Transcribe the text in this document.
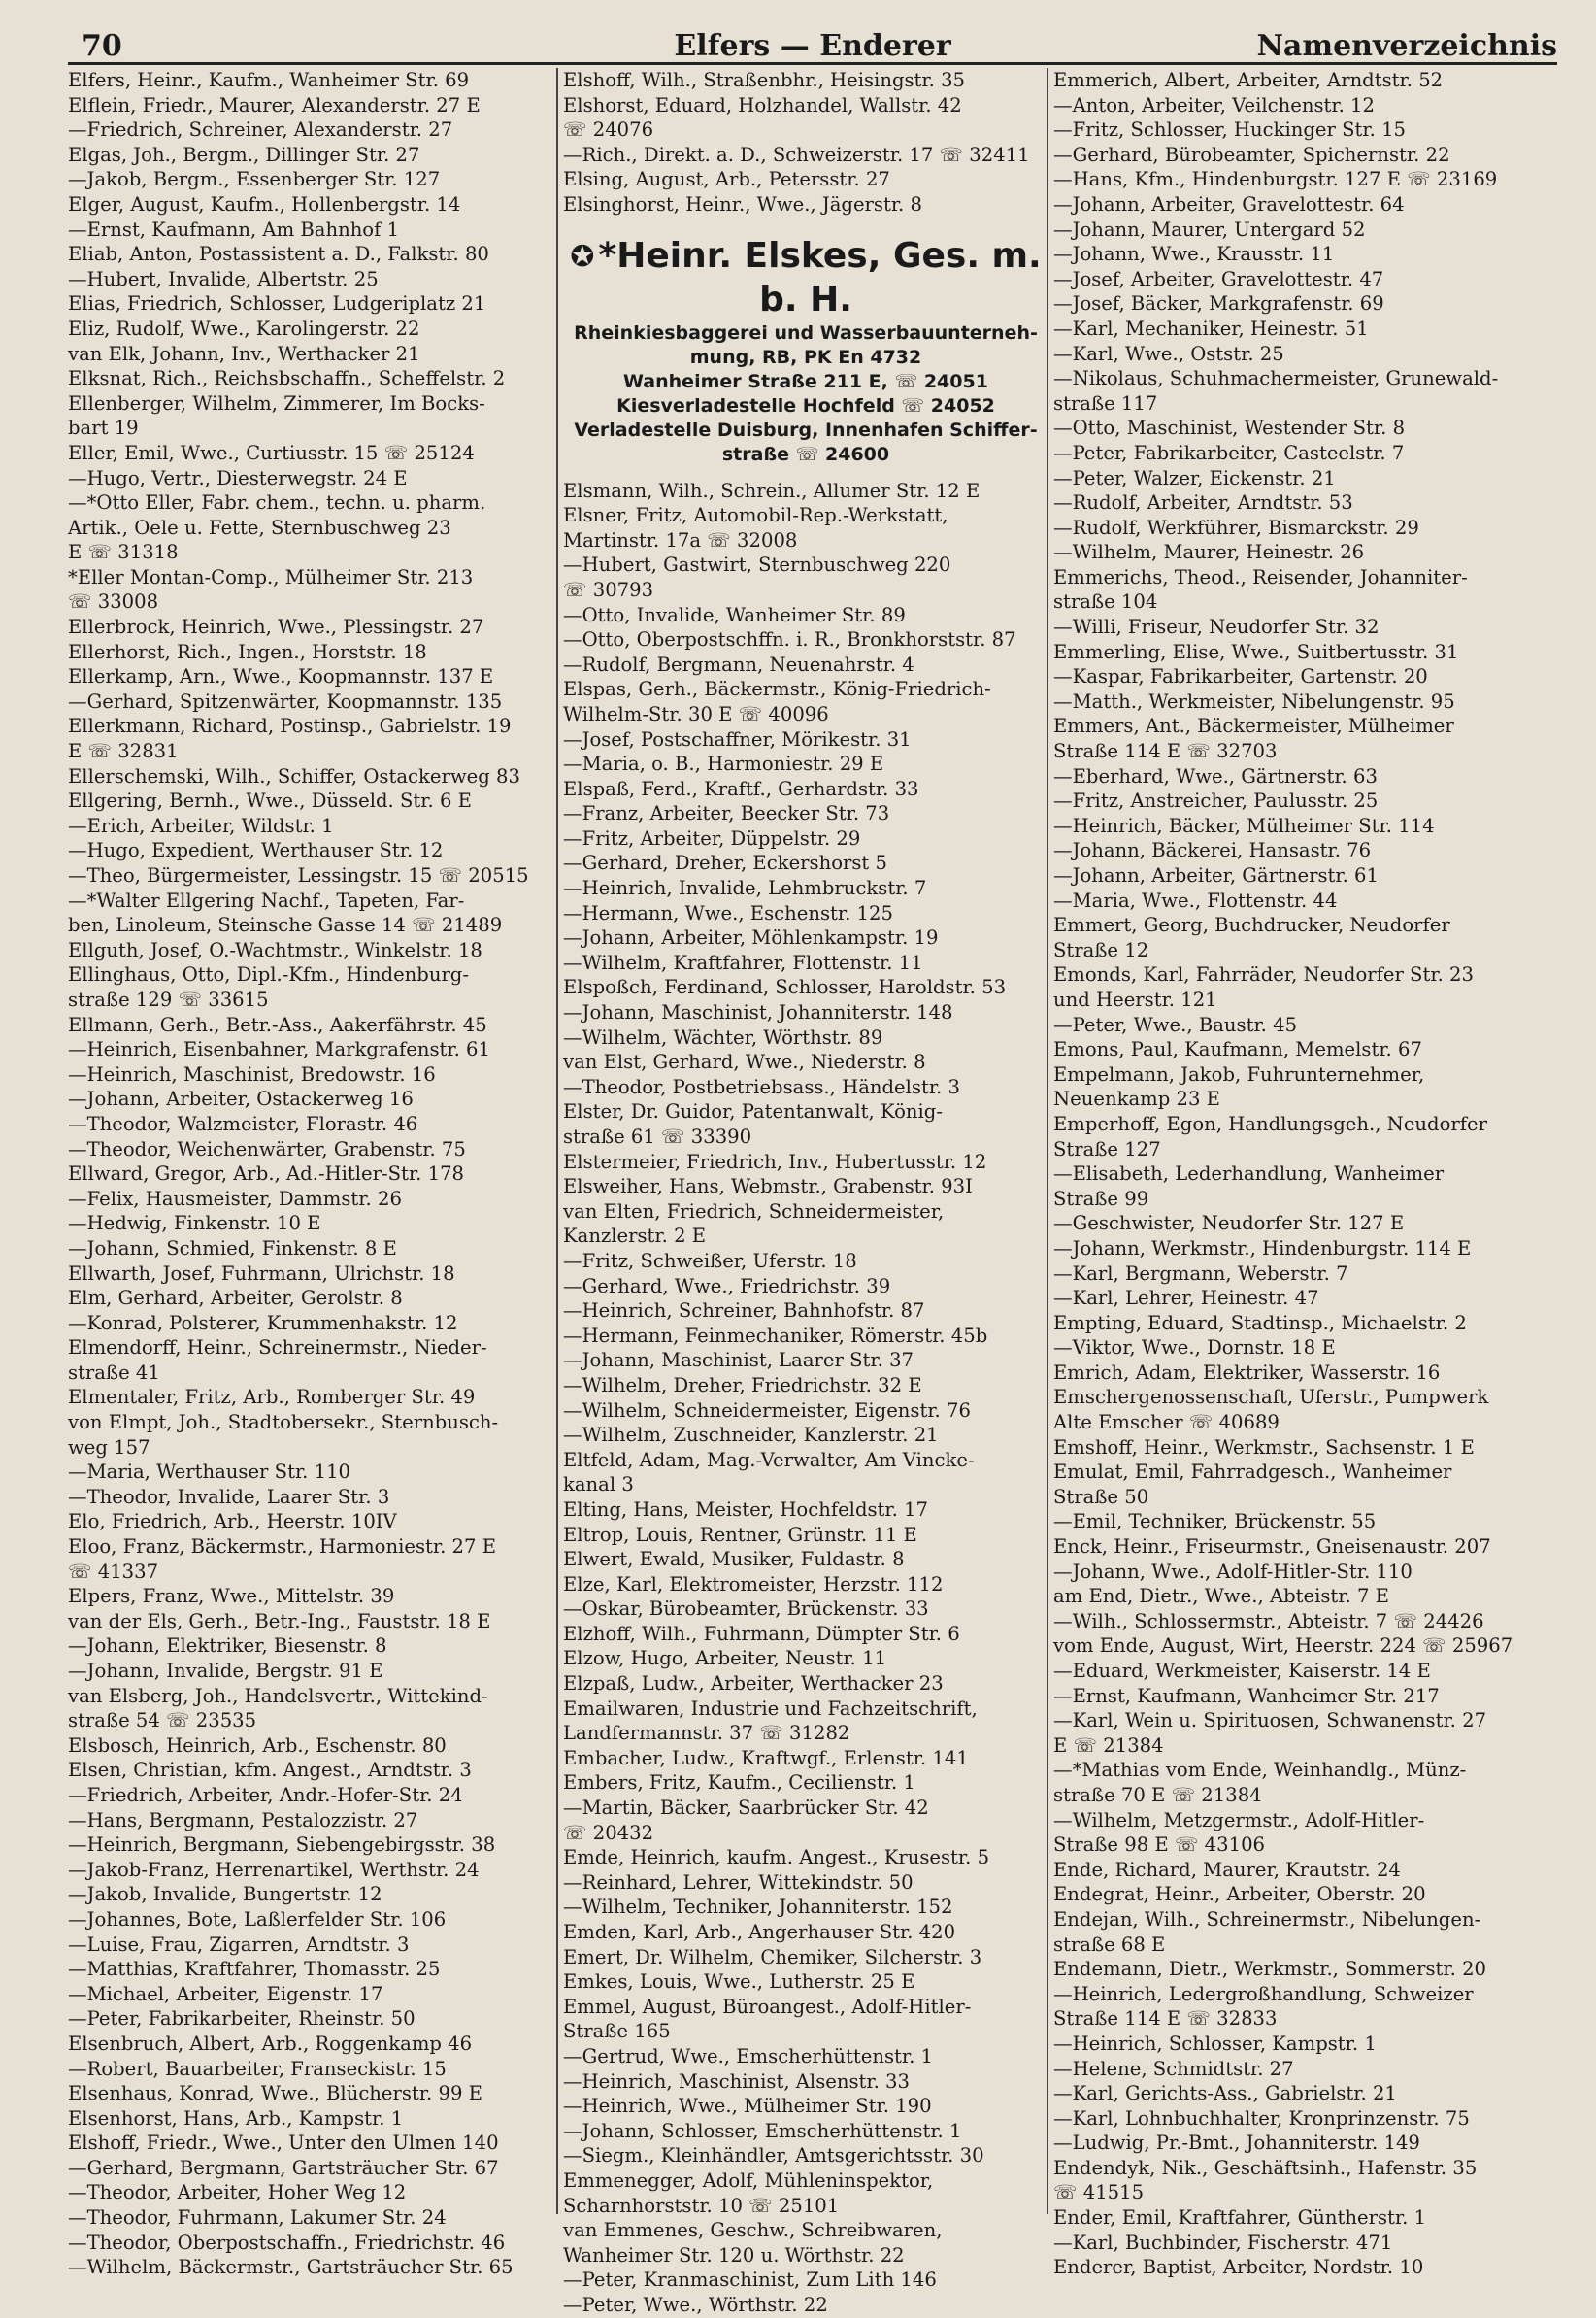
70	Elfers — Enderer	Namenverzeichnis
Elfers, Heinr., Kaufm., Wanheimer Str. 69
Elflein, Friedr., Maurer, Alexanderstr. 27 E
—Friedrich, Schreiner, Alexanderstr. 27
Elgas, Joh., Bergm., Dillinger Str. 27
—Jakob, Bergm., Essenberger Str. 127
Elger, August, Kaufm., Hollenbergstr. 14
—Ernst, Kaufmann, Am Bahnhof 1
Eliab, Anton, Postassistent a. D., Falkstr. 80
—Hubert, Invalide, Albertstr. 25
Elias, Friedrich, Schlosser, Ludgeriplatz 21
Eliz, Rudolf, Wwe., Karolingerstr. 22
van Elk, Johann, Inv., Werthacker 21
Elksnat, Rich., Reichsbschaffn., Scheffelstr. 2
Ellenberger, Wilhelm, Zimmerer, Im Bocks-
bart 19
Eller, Emil, Wwe., Curtiusstr. 15 ☏ 25124
—Hugo, Vertr., Diesterwegstr. 24 E
—*Otto Eller, Fabr. chem., techn. u. pharm.
Artik., Oele u. Fette, Sternbuschweg 23
E ☏ 31318
*Eller Montan-Comp., Mülheimer Str. 213
☏ 33008
Ellerbrock, Heinrich, Wwe., Plessingstr. 27
Ellerhorst, Rich., Ingen., Horststr. 18
Ellerkamp, Arn., Wwe., Koopmannstr. 137 E
—Gerhard, Spitzenwärter, Koopmannstr. 135
Ellerkmann, Richard, Postinsp., Gabrielstr. 19
E ☏ 32831
Ellerschemski, Wilh., Schiffer, Ostackerweg 83
Ellgering, Bernh., Wwe., Düsseld. Str. 6 E
—Erich, Arbeiter, Wildstr. 1
—Hugo, Expedient, Werthauser Str. 12
—Theo, Bürgermeister, Lessingstr. 15 ☏ 20515
—*Walter Ellgering Nachf., Tapeten, Far-
ben, Linoleum, Steinsche Gasse 14 ☏ 21489
Ellguth, Josef, O.-Wachtmstr., Winkelstr. 18
Ellinghaus, Otto, Dipl.-Kfm., Hindenburg-
straße 129 ☏ 33615
Ellmann, Gerh., Betr.-Ass., Aakerfährstr. 45
—Heinrich, Eisenbahner, Markgrafenstr. 61
—Heinrich, Maschinist, Bredowstr. 16
—Johann, Arbeiter, Ostackerweg 16
—Theodor, Walzmeister, Florastr. 46
—Theodor, Weichenwärter, Grabenstr. 75
Ellward, Gregor, Arb., Ad.-Hitler-Str. 178
—Felix, Hausmeister, Dammstr. 26
—Hedwig, Finkenstr. 10 E
—Johann, Schmied, Finkenstr. 8 E
Ellwarth, Josef, Fuhrmann, Ulrichstr. 18
Elm, Gerhard, Arbeiter, Gerolstr. 8
—Konrad, Polsterer, Krummenhakstr. 12
Elmendorff, Heinr., Schreinermstr., Nieder-
straße 41
Elmentaler, Fritz, Arb., Romberger Str. 49
von Elmpt, Joh., Stadtobersekr., Sternbusch-
weg 157
—Maria, Werthauser Str. 110
—Theodor, Invalide, Laarer Str. 3
Elo, Friedrich, Arb., Heerstr. 10IV
Eloo, Franz, Bäckermstr., Harmoniestr. 27 E
☏ 41337
Elpers, Franz, Wwe., Mittelstr. 39
van der Els, Gerh., Betr.-Ing., Fauststr. 18 E
—Johann, Elektriker, Biesenstr. 8
—Johann, Invalide, Bergstr. 91 E
van Elsberg, Joh., Handelsvertr., Wittekind-
straße 54 ☏ 23535
Elsbosch, Heinrich, Arb., Eschenstr. 80
Elsen, Christian, kfm. Angest., Arndtstr. 3
—Friedrich, Arbeiter, Andr.-Hofer-Str. 24
—Hans, Bergmann, Pestalozzistr. 27
—Heinrich, Bergmann, Siebengebirgsstr. 38
—Jakob-Franz, Herrenartikel, Werthstr. 24
—Jakob, Invalide, Bungertstr. 12
—Johannes, Bote, Laßlerfelder Str. 106
—Luise, Frau, Zigarren, Arndtstr. 3
—Matthias, Kraftfahrer, Thomasstr. 25
—Michael, Arbeiter, Eigenstr. 17
—Peter, Fabrikarbeiter, Rheinstr. 50
Elsenbruch, Albert, Arb., Roggenkamp 46
—Robert, Bauarbeiter, Franseckistr. 15
Elsenhaus, Konrad, Wwe., Blücherstr. 99 E
Elsenhorst, Hans, Arb., Kampstr. 1
Elshoff, Friedr., Wwe., Unter den Ulmen 140
—Gerhard, Bergmann, Gartsträucher Str. 67
—Theodor, Arbeiter, Hoher Weg 12
—Theodor, Fuhrmann, Lakumer Str. 24
—Theodor, Oberpostschaffn., Friedrichstr. 46
—Wilhelm, Bäckermstr., Gartsträucher Str. 65
Elshoff, Wilh., Straßenbhr., Heisingstr. 35
Elshorst, Eduard, Holzhandel, Wallstr. 42
☏ 24076
—Rich., Direkt. a. D., Schweizerstr. 17 ☏ 32411
Elsing, August, Arb., Petersstr. 27
Elsinghorst, Heinr., Wwe., Jägerstr. 8
✪ *Heinr. Elskes, Ges. m. b. H.
Rheinkiesbaggerei und Wasserbauunterneh-
mung, RB, PK En 4732
Wanheimer Straße 211 E, ☏ 24051
Kiesverladestelle Hochfeld ☏ 24052
Verladestelle Duisburg, Innenhafen Schiffer-
straße ☏ 24600
Elsmann, Wilh., Schrein., Allumer Str. 12 E
Elsner, Fritz, Automobil-Rep.-Werkstatt,
Martinstr. 17a ☏ 32008
—Hubert, Gastwirt, Sternbuschweg 220
☏ 30793
—Otto, Invalide, Wanheimer Str. 89
—Otto, Oberpostschffn. i. R., Bronkhorststr. 87
—Rudolf, Bergmann, Neuenahrstr. 4
Elspas, Gerh., Bäckermstr., König-Friedrich-
Wilhelm-Str. 30 E ☏ 40096
—Josef, Postschaffner, Mörikestr. 31
—Maria, o. B., Harmoniestr. 29 E
Elspaß, Ferd., Kraftf., Gerhardstr. 33
—Franz, Arbeiter, Beecker Str. 73
—Fritz, Arbeiter, Düppelstr. 29
—Gerhard, Dreher, Eckershorst 5
—Heinrich, Invalide, Lehmbruckstr. 7
—Hermann, Wwe., Eschenstr. 125
—Johann, Arbeiter, Möhlenkampstr. 19
—Wilhelm, Kraftfahrer, Flottenstr. 11
Elspoßch, Ferdinand, Schlosser, Haroldstr. 53
—Johann, Maschinist, Johanniterstr. 148
—Wilhelm, Wächter, Wörthstr. 89
van Elst, Gerhard, Wwe., Niederstr. 8
—Theodor, Postbetriebsass., Händelstr. 3
Elster, Dr. Guidor, Patentanwalt, König-
straße 61 ☏ 33390
Elstermeier, Friedrich, Inv., Hubertusstr. 12
Elsweiher, Hans, Webmstr., Grabenstr. 93I
van Elten, Friedrich, Schneidermeister,
Kanzlerstr. 2 E
—Fritz, Schweißer, Uferstr. 18
—Gerhard, Wwe., Friedrichstr. 39
—Heinrich, Schreiner, Bahnhofstr. 87
—Hermann, Feinmechaniker, Römerstr. 45b
—Johann, Maschinist, Laarer Str. 37
—Wilhelm, Dreher, Friedrichstr. 32 E
—Wilhelm, Schneidermeister, Eigenstr. 76
—Wilhelm, Zuschneider, Kanzlerstr. 21
Eltfeld, Adam, Mag.-Verwalter, Am Vincke-
kanal 3
Elting, Hans, Meister, Hochfeldstr. 17
Eltrop, Louis, Rentner, Grünstr. 11 E
Elwert, Ewald, Musiker, Fuldastr. 8
Elze, Karl, Elektromeister, Herzstr. 112
—Oskar, Bürobeamter, Brückenstr. 33
Elzhoff, Wilh., Fuhrmann, Dümpter Str. 6
Elzow, Hugo, Arbeiter, Neustr. 11
Elzpaß, Ludw., Arbeiter, Werthacker 23
Emailwaren, Industrie und Fachzeitschrift,
Landfermannstr. 37 ☏ 31282
Embacher, Ludw., Kraftwgf., Erlenstr. 141
Embers, Fritz, Kaufm., Cecilienstr. 1
—Martin, Bäcker, Saarbrücker Str. 42
☏ 20432
Emde, Heinrich, kaufm. Angest., Krusestr. 5
—Reinhard, Lehrer, Wittekindstr. 50
—Wilhelm, Techniker, Johanniterstr. 152
Emden, Karl, Arb., Angerhauser Str. 420
Emert, Dr. Wilhelm, Chemiker, Silcherstr. 3
Emkes, Louis, Wwe., Lutherstr. 25 E
Emmel, August, Büroangest., Adolf-Hitler-
Straße 165
—Gertrud, Wwe., Emscherhüttenstr. 1
—Heinrich, Maschinist, Alsenstr. 33
—Heinrich, Wwe., Mülheimer Str. 190
—Johann, Schlosser, Emscherhüttenstr. 1
—Siegm., Kleinhändler, Amtsgerichtsstr. 30
Emmenegger, Adolf, Mühleninspektor,
Scharnhorststr. 10 ☏ 25101
van Emmenes, Geschw., Schreibwaren,
Wanheimer Str. 120 u. Wörthstr. 22
—Peter, Kranmaschinist, Zum Lith 146
—Peter, Wwe., Wörthstr. 22
Emmerich, Albert, Arbeiter, Arndtstr. 52
—Anton, Arbeiter, Veilchenstr. 12
—Fritz, Schlosser, Huckinger Str. 15
—Gerhard, Bürobeamter, Spichernstr. 22
—Hans, Kfm., Hindenburgstr. 127 E ☏ 23169
—Johann, Arbeiter, Gravelottestr. 64
—Johann, Maurer, Untergard 52
—Johann, Wwe., Krausstr. 11
—Josef, Arbeiter, Gravelottestr. 47
—Josef, Bäcker, Markgrafenstr. 69
—Karl, Mechaniker, Heinestr. 51
—Karl, Wwe., Oststr. 25
—Nikolaus, Schuhmachermeister, Grunewald-
straße 117
—Otto, Maschinist, Westender Str. 8
—Peter, Fabrikarbeiter, Casteelstr. 7
—Peter, Walzer, Eickenstr. 21
—Rudolf, Arbeiter, Arndtstr. 53
—Rudolf, Werkführer, Bismarckstr. 29
—Wilhelm, Maurer, Heinestr. 26
Emmerichs, Theod., Reisender, Johanniter-
straße 104
—Willi, Friseur, Neudorfer Str. 32
Emmerling, Elise, Wwe., Suitbertusstr. 31
—Kaspar, Fabrikarbeiter, Gartenstr. 20
—Matth., Werkmeister, Nibelungenstr. 95
Emmers, Ant., Bäckermeister, Mülheimer
Straße 114 E ☏ 32703
—Eberhard, Wwe., Gärtnerstr. 63
—Fritz, Anstreicher, Paulusstr. 25
—Heinrich, Bäcker, Mülheimer Str. 114
—Johann, Bäckerei, Hansastr. 76
—Johann, Arbeiter, Gärtnerstr. 61
—Maria, Wwe., Flottenstr. 44
Emmert, Georg, Buchdrucker, Neudorfer
Straße 12
Emonds, Karl, Fahrräder, Neudorfer Str. 23
und Heerstr. 121
—Peter, Wwe., Baustr. 45
Emons, Paul, Kaufmann, Memelstr. 67
Empelmann, Jakob, Fuhrunternehmer,
Neuenkamp 23 E
Emperhoff, Egon, Handlungsgeh., Neudorfer
Straße 127
—Elisabeth, Lederhandlung, Wanheimer
Straße 99
—Geschwister, Neudorfer Str. 127 E
—Johann, Werkmstr., Hindenburgstr. 114 E
—Karl, Bergmann, Weberstr. 7
—Karl, Lehrer, Heinestr. 47
Empting, Eduard, Stadtinsp., Michaelstr. 2
—Viktor, Wwe., Dornstr. 18 E
Emrich, Adam, Elektriker, Wasserstr. 16
Emschergenossenschaft, Uferstr., Pumpwerk
Alte Emscher ☏ 40689
Emshoff, Heinr., Werkmstr., Sachsenstr. 1 E
Emulat, Emil, Fahrradgesch., Wanheimer
Straße 50
—Emil, Techniker, Brückenstr. 55
Enck, Heinr., Friseurmstr., Gneisenaustr. 207
—Johann, Wwe., Adolf-Hitler-Str. 110
am End, Dietr., Wwe., Abteistr. 7 E
—Wilh., Schlossermstr., Abteistr. 7 ☏ 24426
vom Ende, August, Wirt, Heerstr. 224 ☏ 25967
—Eduard, Werkmeister, Kaiserstr. 14 E
—Ernst, Kaufmann, Wanheimer Str. 217
—Karl, Wein u. Spirituosen, Schwanenstr. 27
E ☏ 21384
—*Mathias vom Ende, Weinhandlg., Münz-
straße 70 E ☏ 21384
—Wilhelm, Metzgermstr., Adolf-Hitler-
Straße 98 E ☏ 43106
Ende, Richard, Maurer, Krautstr. 24
Endegrat, Heinr., Arbeiter, Oberstr. 20
Endejan, Wilh., Schreinermstr., Nibelungen-
straße 68 E
Endemann, Dietr., Werkmstr., Sommerstr. 20
—Heinrich, Ledergroßhandlung, Schweizer
Straße 114 E ☏ 32833
—Heinrich, Schlosser, Kampstr. 1
—Helene, Schmidtstr. 27
—Karl, Gerichts-Ass., Gabrielstr. 21
—Karl, Lohnbuchhalter, Kronprinzenstr. 75
—Ludwig, Pr.-Bmt., Johanniterstr. 149
Endendyk, Nik., Geschäftsinh., Hafenstr. 35
☏ 41515
Ender, Emil, Kraftfahrer, Güntherstr. 1
—Karl, Buchbinder, Fischerstr. 471
Enderer, Baptist, Arbeiter, Nordstr. 10
